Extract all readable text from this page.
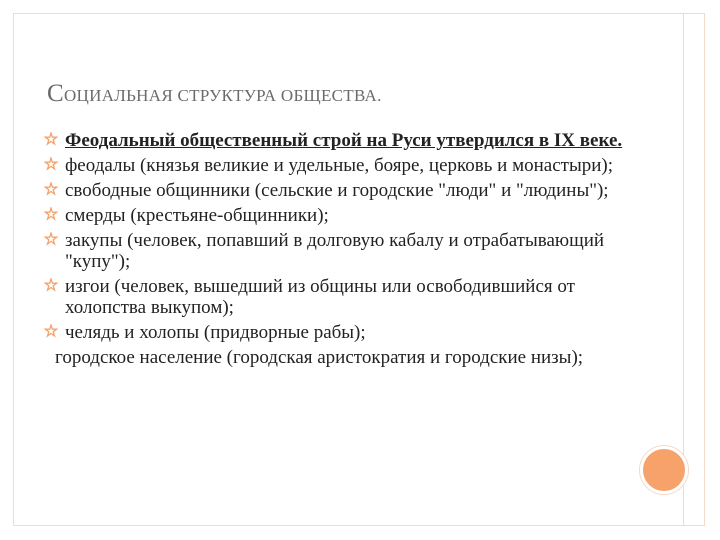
СОЦИАЛЬНАЯ СТРУКТУРА ОБЩЕСТВА.
Феодальный общественный строй на Руси утвердился в IX веке.
феодалы (князья великие и удельные, бояре, церковь и монастыри);
свободные общинники (сельские и городские "люди" и "людины");
смерды (крестьяне-общинники);
закупы (человек, попавший в долговую кабалу и отрабатывающий "купу");
изгои (человек, вышедший из общины или освободившийся от холопства выкупом);
челядь и холопы (придворные рабы);
городское население (городская аристократия и городские низы);
